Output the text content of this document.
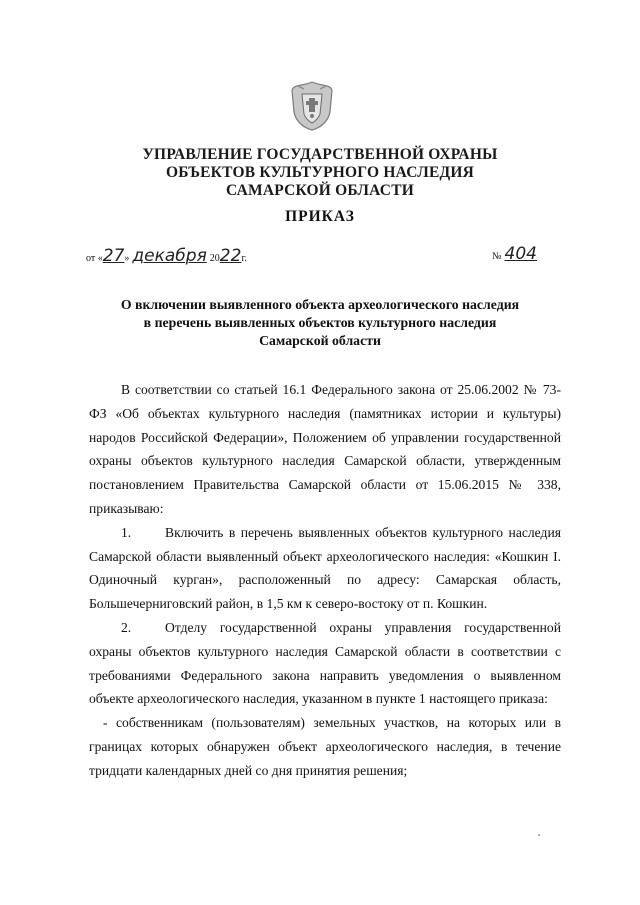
УПРАВЛЕНИЕ ГОСУДАРСТВЕННОЙ ОХРАНЫ
ОБЪЕКТОВ КУЛЬТУРНОГО НАСЛЕДИЯ
САМАРСКОЙ ОБЛАСТИ
ПРИКАЗ
от «27» декабря 2022г.	№ 404
О включении выявленного объекта археологического наследия
в перечень выявленных объектов культурного наследия
Самарской области

В соответствии со статьей 16.1 Федерального закона от 25.06.2002 № 73-ФЗ «Об объектах культурного наследия (памятниках истории и культуры) народов Российской Федерации», Положением об управлении государственной охраны объектов культурного наследия Самарской области, утвержденным постановлением Правительства Самарской области от 15.06.2015 № 338, приказываю:

1. Включить в перечень выявленных объектов культурного наследия Самарской области выявленный объект археологического наследия: «Кошкин I. Одиночный курган», расположенный по адресу: Самарская область, Большечерниговский район, в 1,5 км к северо-востоку от п. Кошкин.

2. Отделу государственной охраны управления государственной охраны объектов культурного наследия Самарской области в соответствии с требованиями Федерального закона направить уведомления о выявленном объекте археологического наследия, указанном в пункте 1 настоящего приказа:

- собственникам (пользователям) земельных участков, на которых или в границах которых обнаружен объект археологического наследия, в течение тридцати календарных дней со дня принятия решения;
